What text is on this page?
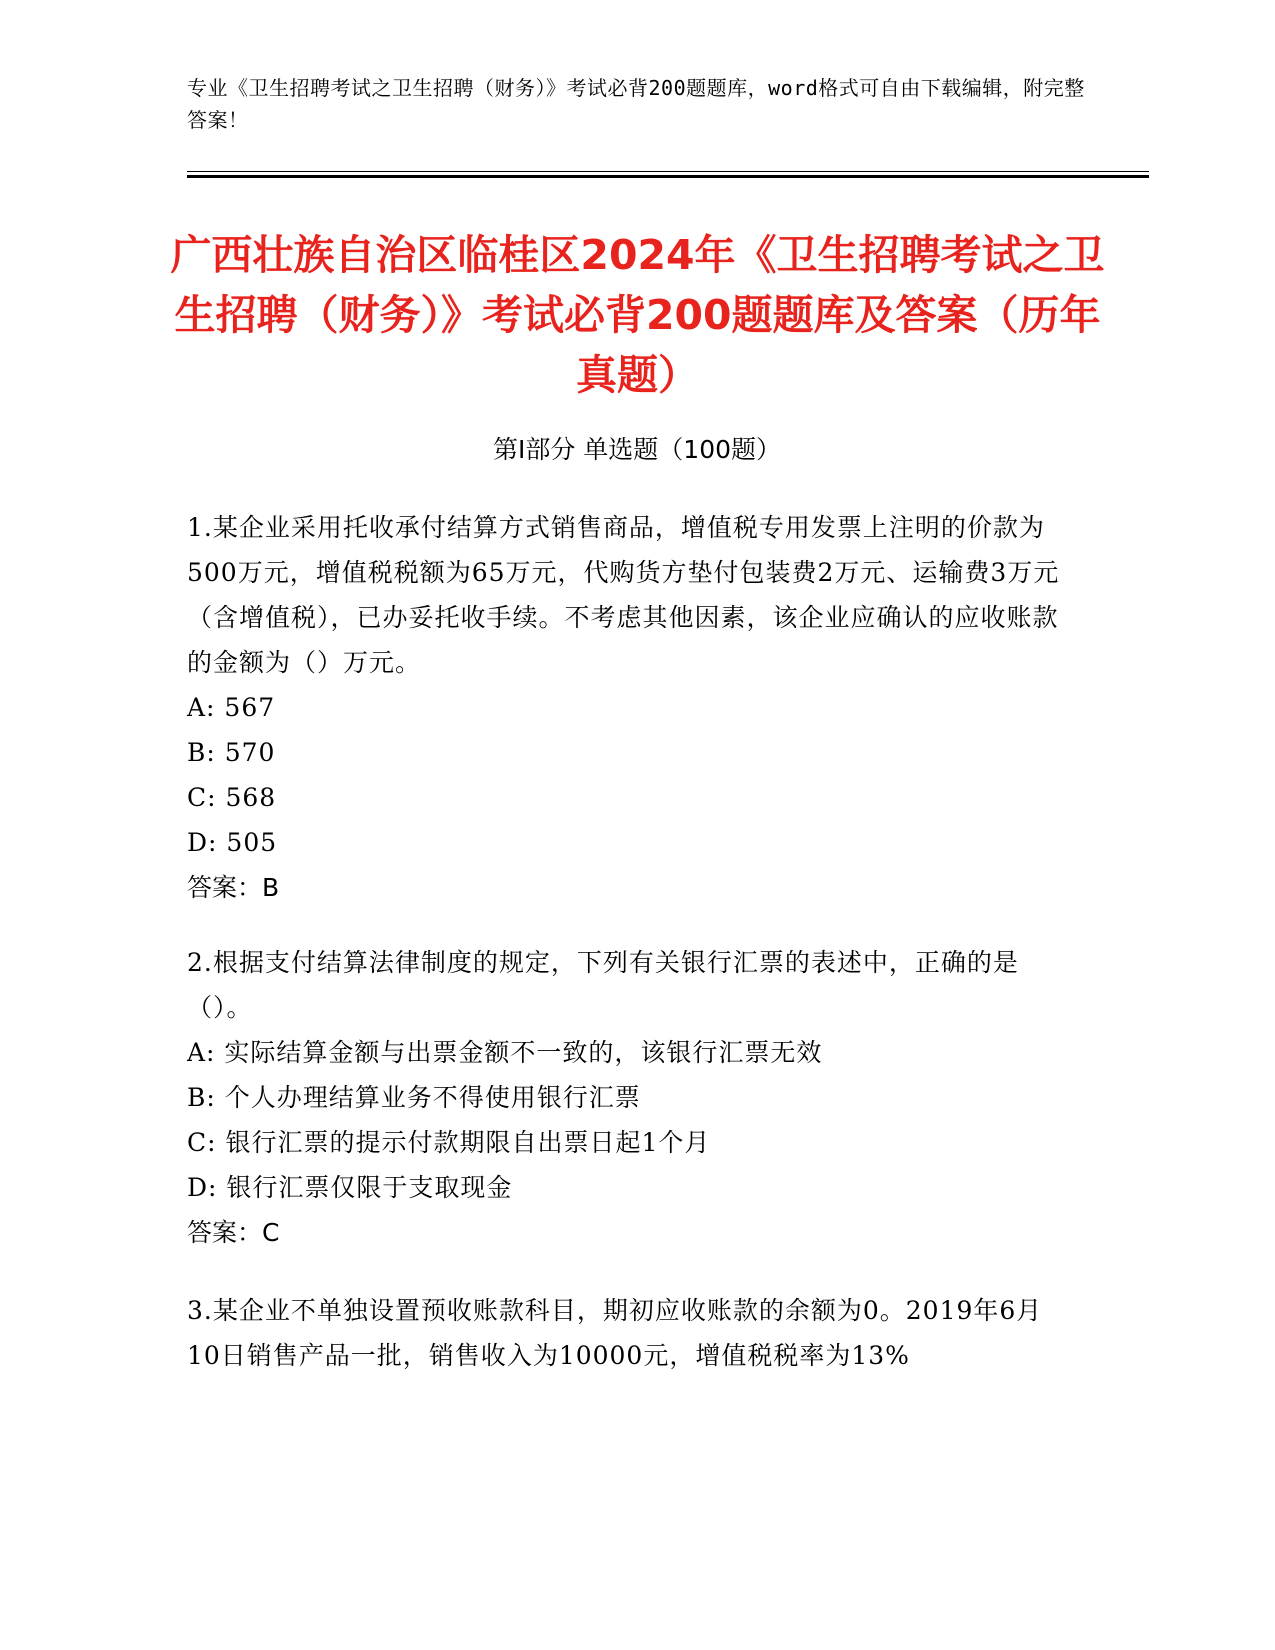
专业《卫生招聘考试之卫生招聘（财务）》考试必背200题题库，word格式可自由下载编辑，附完整答案！
广西壮族自治区临桂区2024年《卫生招聘考试之卫生招聘（财务）》考试必背200题题库及答案（历年真题）
第Ⅰ部分 单选题（100题）
1.某企业采用托收承付结算方式销售商品，增值税专用发票上注明的价款为500万元，增值税税额为65万元，代购货方垫付包装费2万元、运输费3万元（含增值税），已办妥托收手续。不考虑其他因素，该企业应确认的应收账款的金额为（）万元。
A: 567
B: 570
C: 568
D: 505
答案：B
2.根据支付结算法律制度的规定，下列有关银行汇票的表述中，正确的是（）。
A: 实际结算金额与出票金额不一致的，该银行汇票无效
B: 个人办理结算业务不得使用银行汇票
C: 银行汇票的提示付款期限自出票日起1个月
D: 银行汇票仅限于支取现金
答案：C
3.某企业不单独设置预收账款科目，期初应收账款的余额为0。2019年6月10日销售产品一批，销售收入为10000元，增值税税率为13%
